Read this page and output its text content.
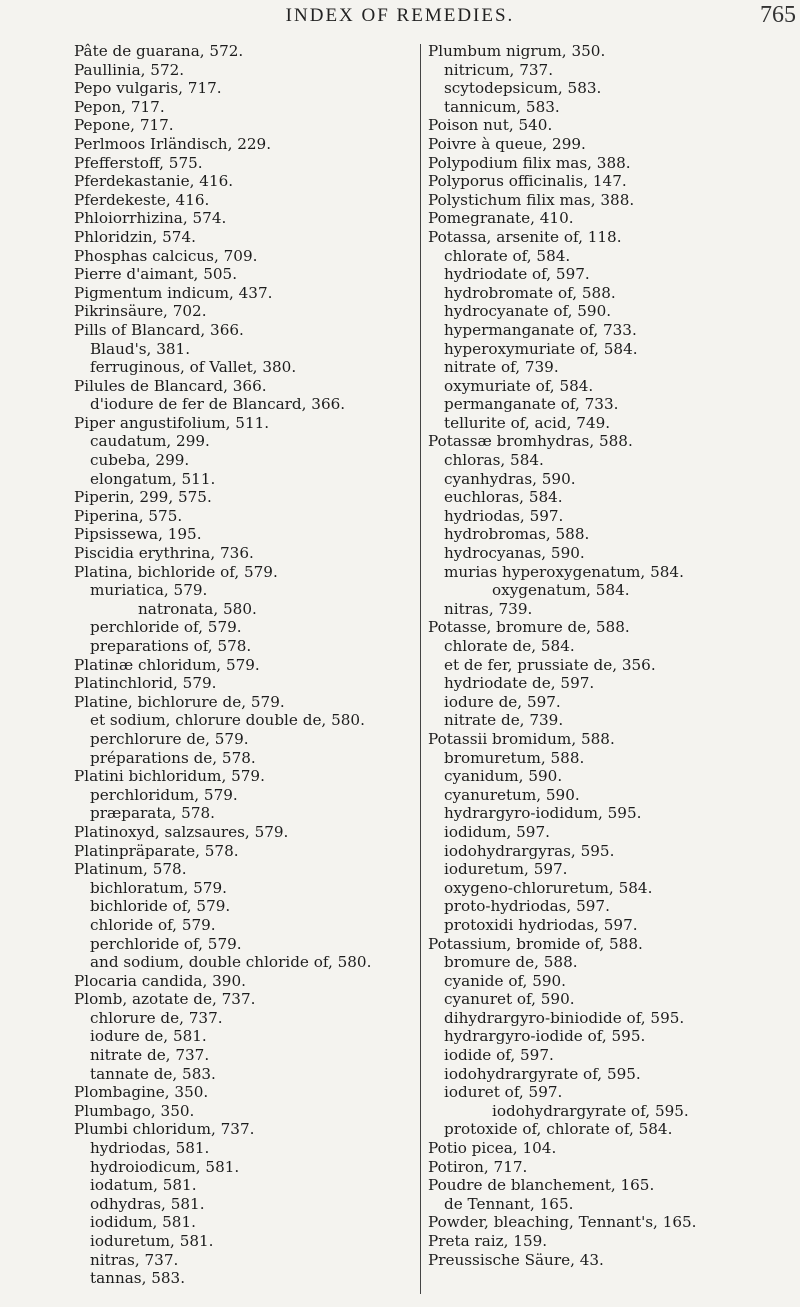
INDEX OF REMEDIES.	765
Pâte de guarana, 572.
Paullinia, 572.
Pepo vulgaris, 717.
Pepon, 717.
Pepone, 717.
Perlmoos Irländisch, 229.
Pfefferstoff, 575.
Pferdekastanie, 416.
Pferdekeste, 416.
Phloiorrhizina, 574.
Phloridzin, 574.
Phosphas calcicus, 709.
Pierre d'aimant, 505.
Pigmentum indicum, 437.
Pikrinsäure, 702.
Pills of Blancard, 366.
Blaud's, 381.
ferruginous, of Vallet, 380.
Pilules de Blancard, 366.
d'iodure de fer de Blancard, 366.
Piper angustifolium, 511.
caudatum, 299.
cubeba, 299.
elongatum, 511.
Piperin, 299, 575.
Piperina, 575.
Pipsissewa, 195.
Piscidia erythrina, 736.
Platina, bichloride of, 579.
muriatica, 579.
natronata, 580.
perchloride of, 579.
preparations of, 578.
Platinæ chloridum, 579.
Platinchlorid, 579.
Platine, bichlorure de, 579.
et sodium, chlorure double de, 580.
perchlorure de, 579.
préparations de, 578.
Platini bichloridum, 579.
perchloridum, 579.
præparata, 578.
Platinoxyd, salzsaures, 579.
Platinpräparate, 578.
Platinum, 578.
bichloratum, 579.
bichloride of, 579.
chloride of, 579.
perchloride of, 579.
and sodium, double chloride of, 580.
Plocaria candida, 390.
Plomb, azotate de, 737.
chlorure de, 737.
iodure de, 581.
nitrate de, 737.
tannate de, 583.
Plombagine, 350.
Plumbago, 350.
Plumbi chloridum, 737.
hydriodas, 581.
hydroiodicum, 581.
iodatum, 581.
odhydras, 581.
iodidum, 581.
ioduretum, 581.
nitras, 737.
tannas, 583.
Plumbum nigrum, 350.
nitricum, 737.
scytodepsicum, 583.
tannicum, 583.
Poison nut, 540.
Poivre à queue, 299.
Polypodium filix mas, 388.
Polyporus officinalis, 147.
Polystichum filix mas, 388.
Pomegranate, 410.
Potassa, arsenite of, 118.
chlorate of, 584.
hydriodate of, 597.
hydrobromate of, 588.
hydrocyanate of, 590.
hypermanganate of, 733.
hyperoxymuriate of, 584.
nitrate of, 739.
oxymuriate of, 584.
permanganate of, 733.
tellurite of, acid, 749.
Potassæ bromhydras, 588.
chloras, 584.
cyanhydras, 590.
euchloras, 584.
hydriodas, 597.
hydrobromas, 588.
hydrocyanas, 590.
murias hyperoxygenatum, 584.
oxygenatum, 584.
nitras, 739.
Potasse, bromure de, 588.
chlorate de, 584.
et de fer, prussiate de, 356.
hydriodate de, 597.
iodure de, 597.
nitrate de, 739.
Potassii bromidum, 588.
bromuretum, 588.
cyanidum, 590.
cyanuretum, 590.
hydrargyro-iodidum, 595.
iodidum, 597.
iodohydrargyras, 595.
ioduretum, 597.
oxygeno-chloruretum, 584.
proto-hydriodas, 597.
protoxidi hydriodas, 597.
Potassium, bromide of, 588.
bromure de, 588.
cyanide of, 590.
cyanuret of, 590.
dihydrargyro-biniodide of, 595.
hydrargyro-iodide of, 595.
iodide of, 597.
iodohydrargyrate of, 595.
ioduret of, 597.
iodohydrargyrate of, 595.
protoxide of, chlorate of, 584.
Potio picea, 104.
Potiron, 717.
Poudre de blanchement, 165.
de Tennant, 165.
Powder, bleaching, Tennant's, 165.
Preta raiz, 159.
Preussische Säure, 43.
